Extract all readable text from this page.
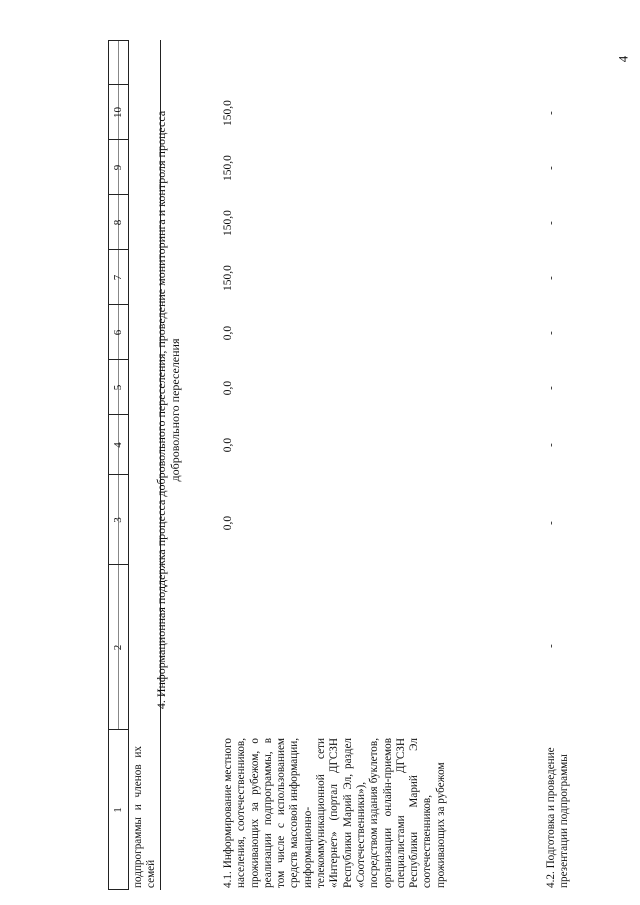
4
1
2
3
4
5
6
7
8
9
10
подпрограммы и членов их семей
4. Информационная поддержка процесса добровольного переселения, проведение мониторинга и контроля процесса добровольного переселения
4.1. Информирование местного населения, соотечественников, проживающих за рубежом, о реализации подпрограммы, в том числе с использованием средств массовой информации, информационно-телекоммуникационной сети «Интернет» (портал ДГСЗН Республики Марий Эл, раздел «Соотечественники»), посредством издания буклетов, организации онлайн-приемов специалистами ДГСЗН Республики Марий Эл соотечественников, проживающих за рубежом
-
0,0
0,0
0,0
0,0
150,0
150,0
150,0
150,0
4.2. Подготовка и проведение презентации подпрограммы
-
-
-
-
-
-
-
-
